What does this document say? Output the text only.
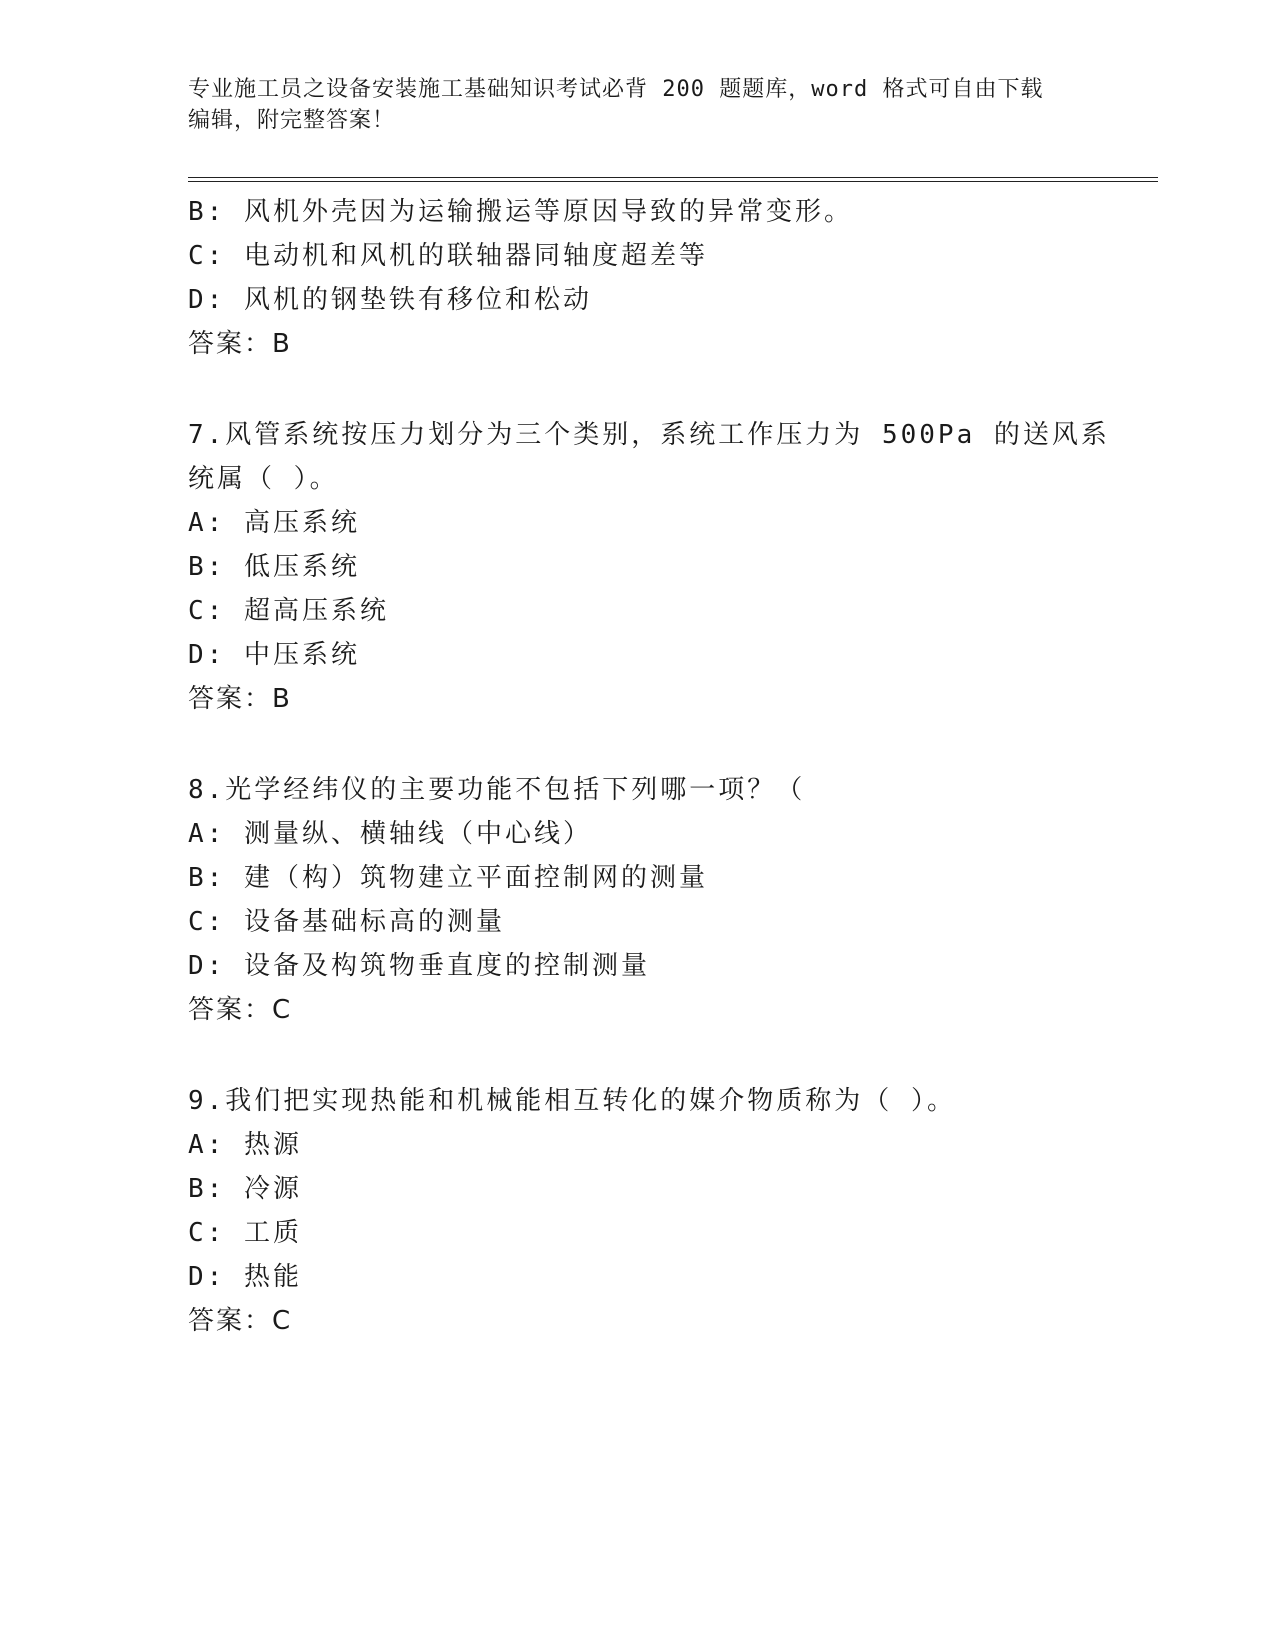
专业施工员之设备安装施工基础知识考试必背 200 题题库，word 格式可自由下载
编辑，附完整答案！
B: 风机外壳因为运输搬运等原因导致的异常变形。
C: 电动机和风机的联轴器同轴度超差等
D: 风机的钢垫铁有移位和松动
答案：B
7.风管系统按压力划分为三个类别，系统工作压力为 500Pa 的送风系
统属（ ）。
A: 高压系统
B: 低压系统
C: 超高压系统
D: 中压系统
答案：B
8.光学经纬仪的主要功能不包括下列哪一项？（
A: 测量纵、横轴线（中心线）
B: 建（构）筑物建立平面控制网的测量
C: 设备基础标高的测量
D: 设备及构筑物垂直度的控制测量
答案：C
9.我们把实现热能和机械能相互转化的媒介物质称为（ ）。
A: 热源
B: 冷源
C: 工质
D: 热能
答案：C
